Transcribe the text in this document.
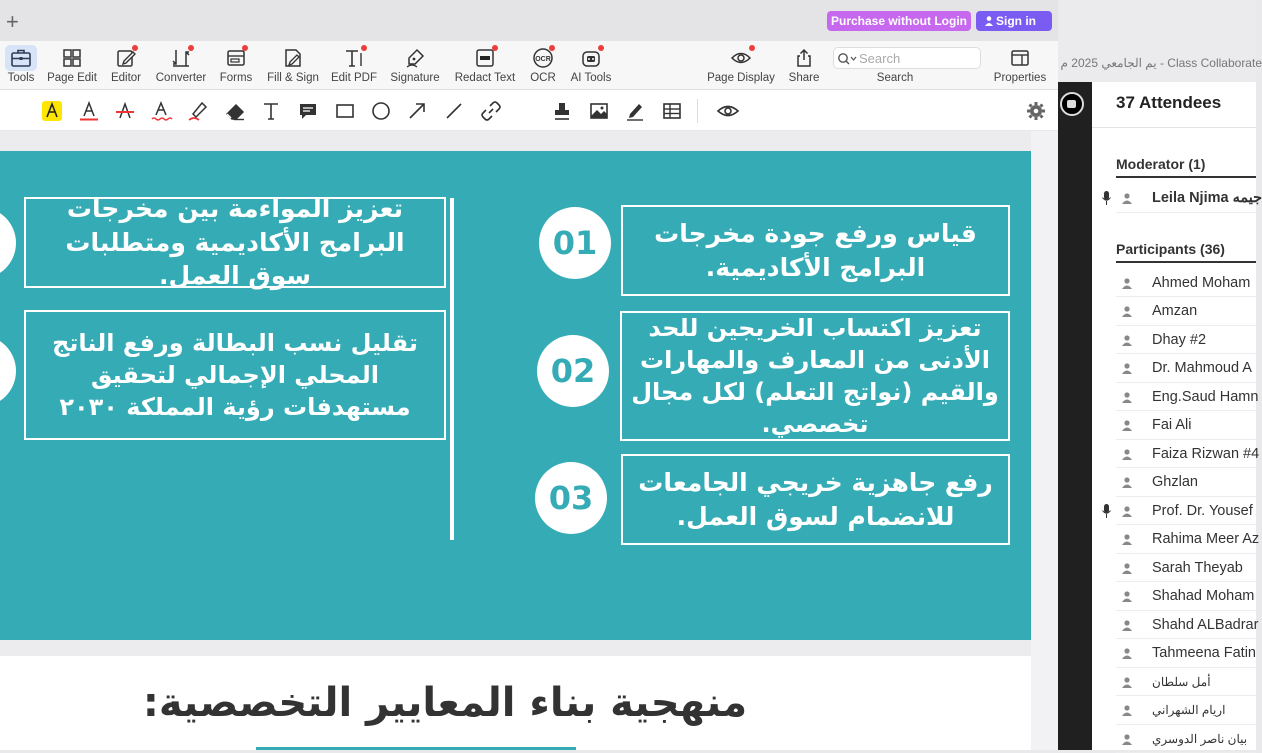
Class Collaborate - يم الجامعي 2025 م
37 Attendees
Moderator (1)
Leila Njima جيمه
Participants (36)
Ahmed Moham
Amzan
Dhay #2
Dr. Mahmoud A
Eng.Saud Hamn
Fai Ali
Faiza Rizwan #4
Ghzlan
Prof. Dr. Yousef
Rahima Meer Az
Sarah Theyab
Shahad Moham
Shahd ALBadrar
Tahmeena Fatin
أمل سلطان
اريام الشهراني
بيان ناصر الدوسري
+	Purchase without Login	Sign in
Tools	Page Edit	Editor	Converter	Forms	Fill & Sign	Edit PDF	Signature	Redact Text
OCR
OCR	AI Tools	Page Display	Share	Properties
Search
Search
01	قياس ورفع جودة مخرجات البرامج الأكاديمية.
02
تعزيز اكتساب الخريجين للحد الأدنى من المعارف والمهارات والقيم (نواتج التعلم) لكل مجال تخصصي.
03	رفع جاهزية خريجي الجامعات للانضمام لسوق العمل.
تعزيز المواءمة بين مخرجات البرامج الأكاديمية ومتطلبات سوق العمل.
تقليل نسب البطالة ورفع الناتج المحلي الإجمالي لتحقيق مستهدفات رؤية المملكة ٢٠٣٠
منهجية بناء المعايير التخصصية:
